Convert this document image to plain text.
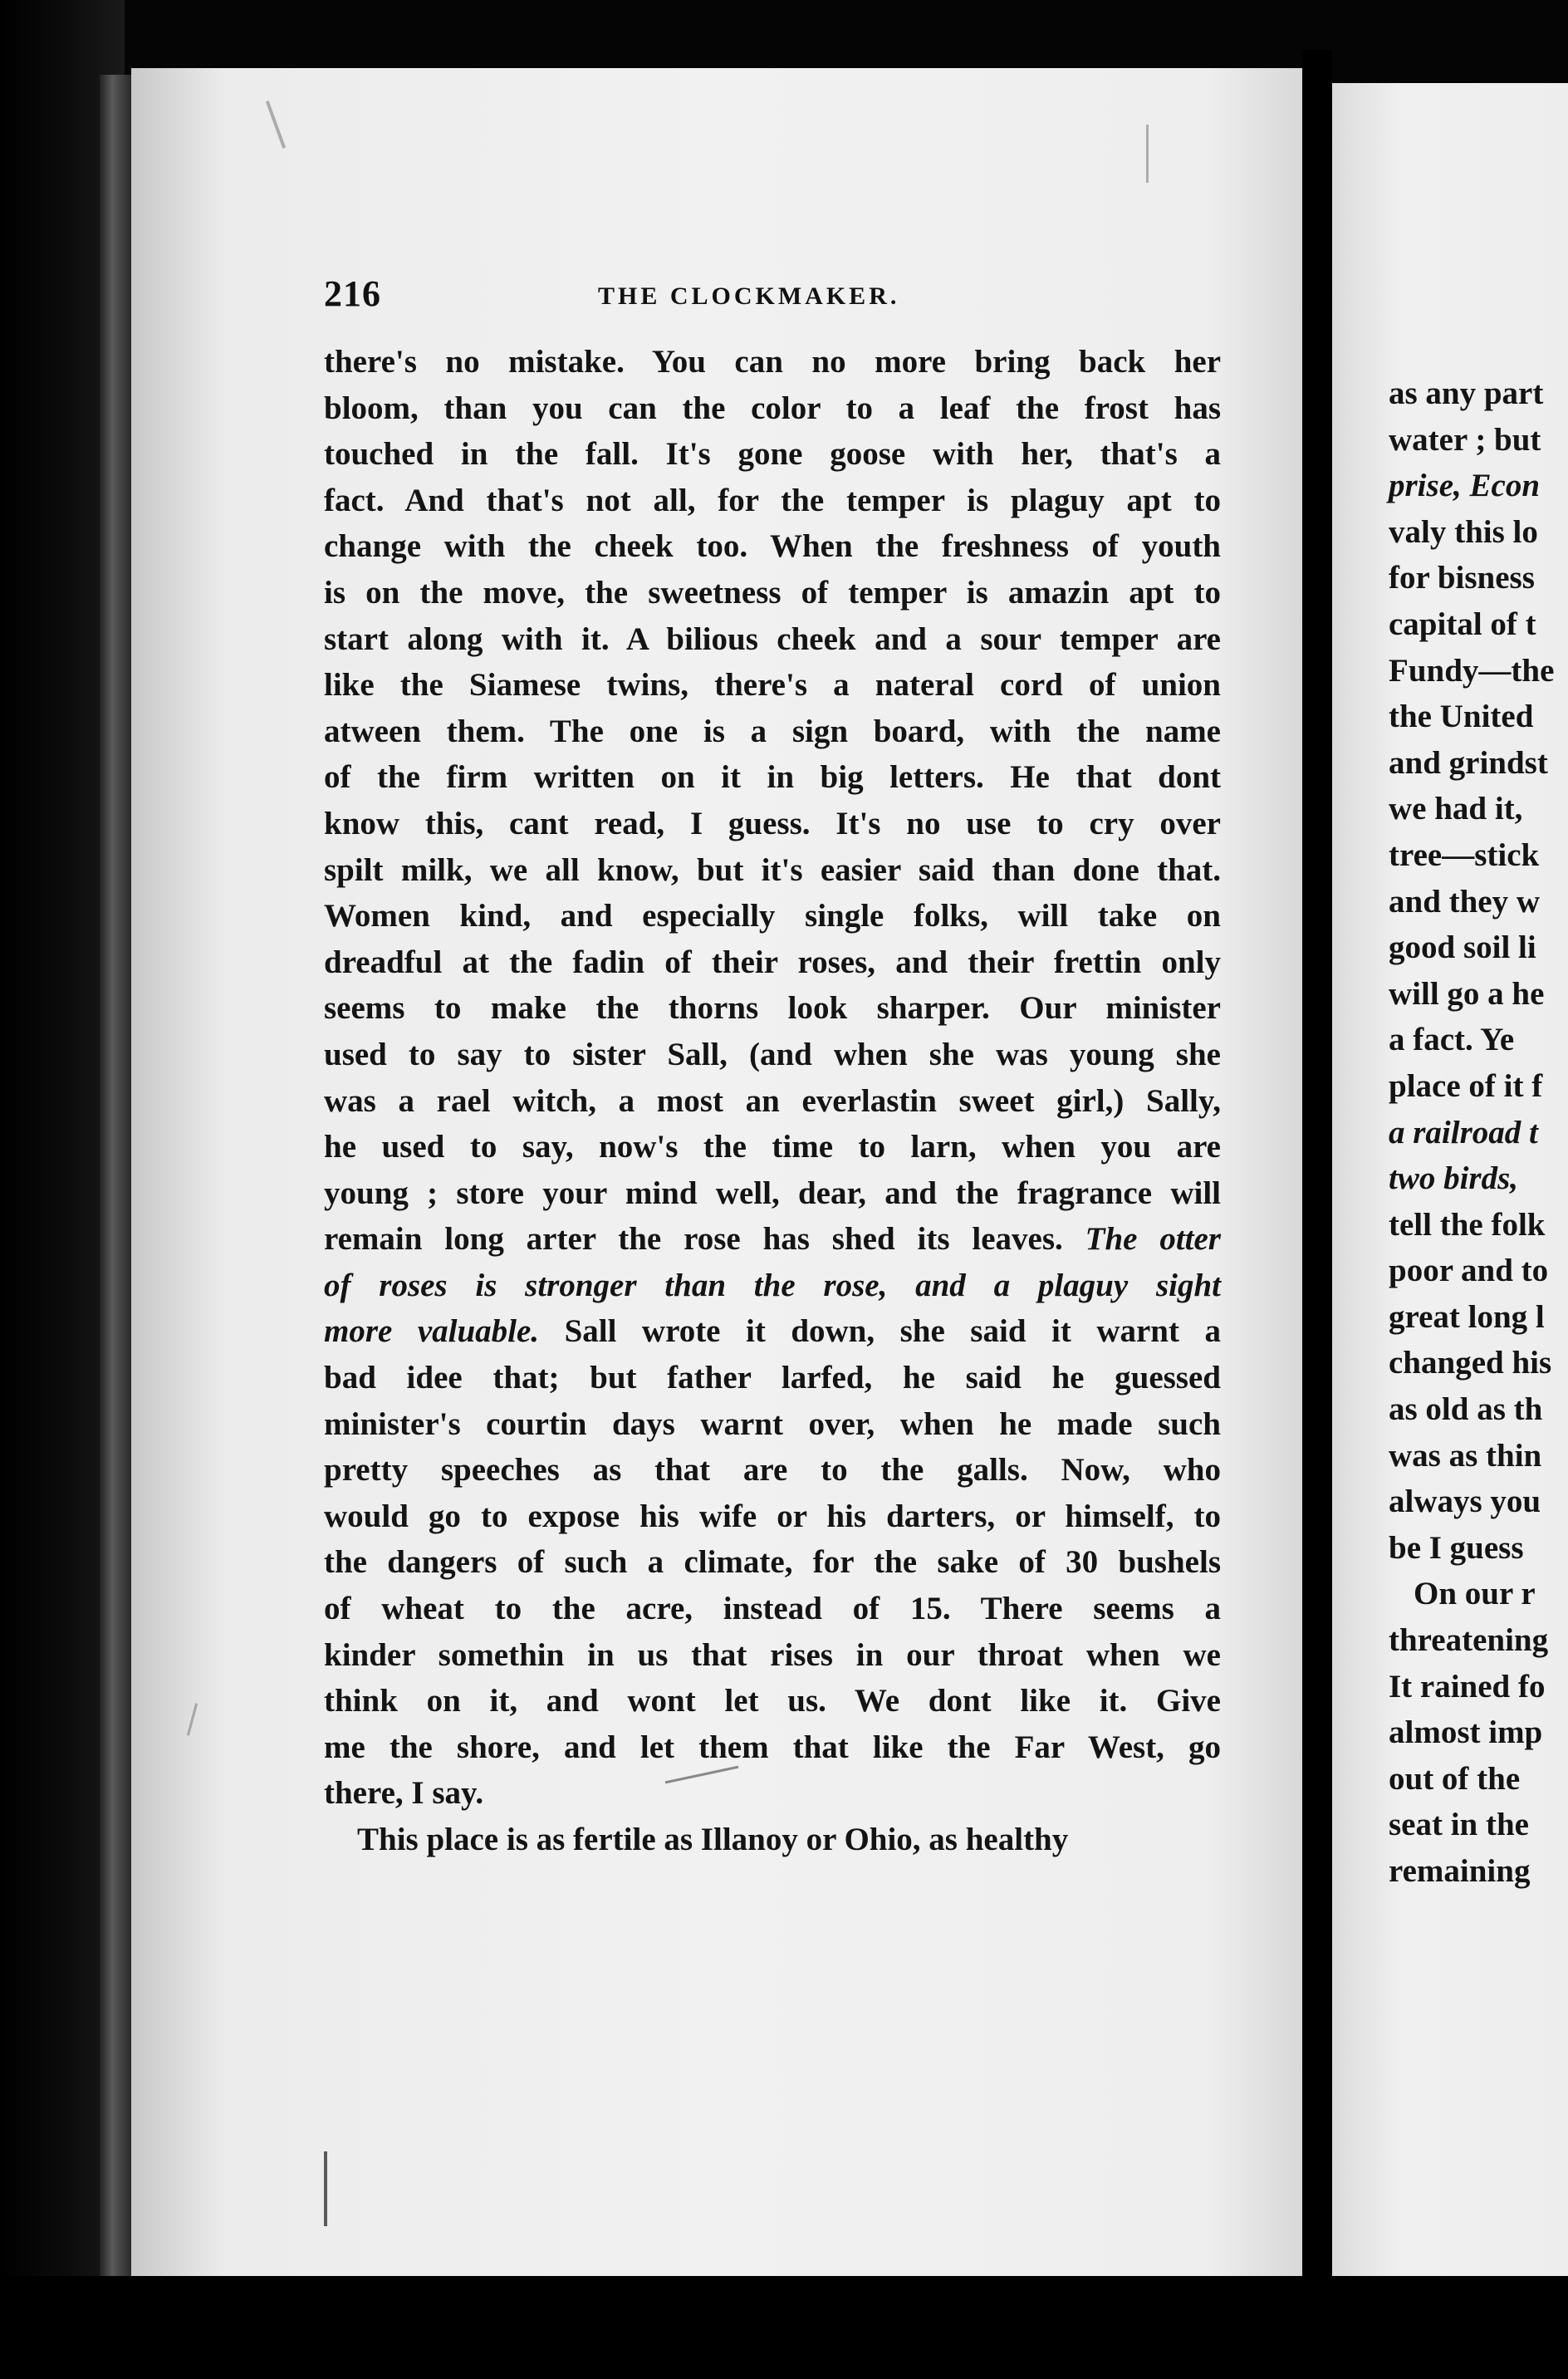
216	THE CLOCKMAKER.
there's no mistake. You can no more bring back her
bloom, than you can the color to a leaf the frost has
touched in the fall. It's gone goose with her, that's a
fact. And that's not all, for the temper is plaguy apt to
change with the cheek too. When the freshness of youth
is on the move, the sweetness of temper is amazin apt to
start along with it. A bilious cheek and a sour temper are
like the Siamese twins, there's a nateral cord of union
atween them. The one is a sign board, with the name
of the firm written on it in big letters. He that dont
know this, cant read, I guess. It's no use to cry over
spilt milk, we all know, but it's easier said than done that.
Women kind, and especially single folks, will take on
dreadful at the fadin of their roses, and their frettin only
seems to make the thorns look sharper. Our minister
used to say to sister Sall, (and when she was young she
was a rael witch, a most an everlastin sweet girl,) Sally,
he used to say, now's the time to larn, when you are
young ; store your mind well, dear, and the fragrance will
remain long arter the rose has shed its leaves. The otter
of roses is stronger than the rose, and a plaguy sight
more valuable. Sall wrote it down, she said it warnt a
bad idee that; but father larfed, he said he guessed
minister's courtin days warnt over, when he made such
pretty speeches as that are to the galls. Now, who
would go to expose his wife or his darters, or himself, to
the dangers of such a climate, for the sake of 30 bushels
of wheat to the acre, instead of 15. There seems a
kinder somethin in us that rises in our throat when we
think on it, and wont let us. We dont like it. Give
me the shore, and let them that like the Far West, go
there, I say.
This place is as fertile as Illanoy or Ohio, as healthy
as any part
water ; but
prise, Econ
valy this lo
for bisness
capital of t
Fundy—the
the United
and grindst
we had it,
tree—stick
and they w
good soil li
will go a he
a fact. Ye
place of it f
a railroad t
two birds,
tell the folk
poor and to
great long l
changed his
as old as th
was as thin
always you
be I guess
On our r
threatening
It rained fo
almost imp
out of the
seat in the
remaining
